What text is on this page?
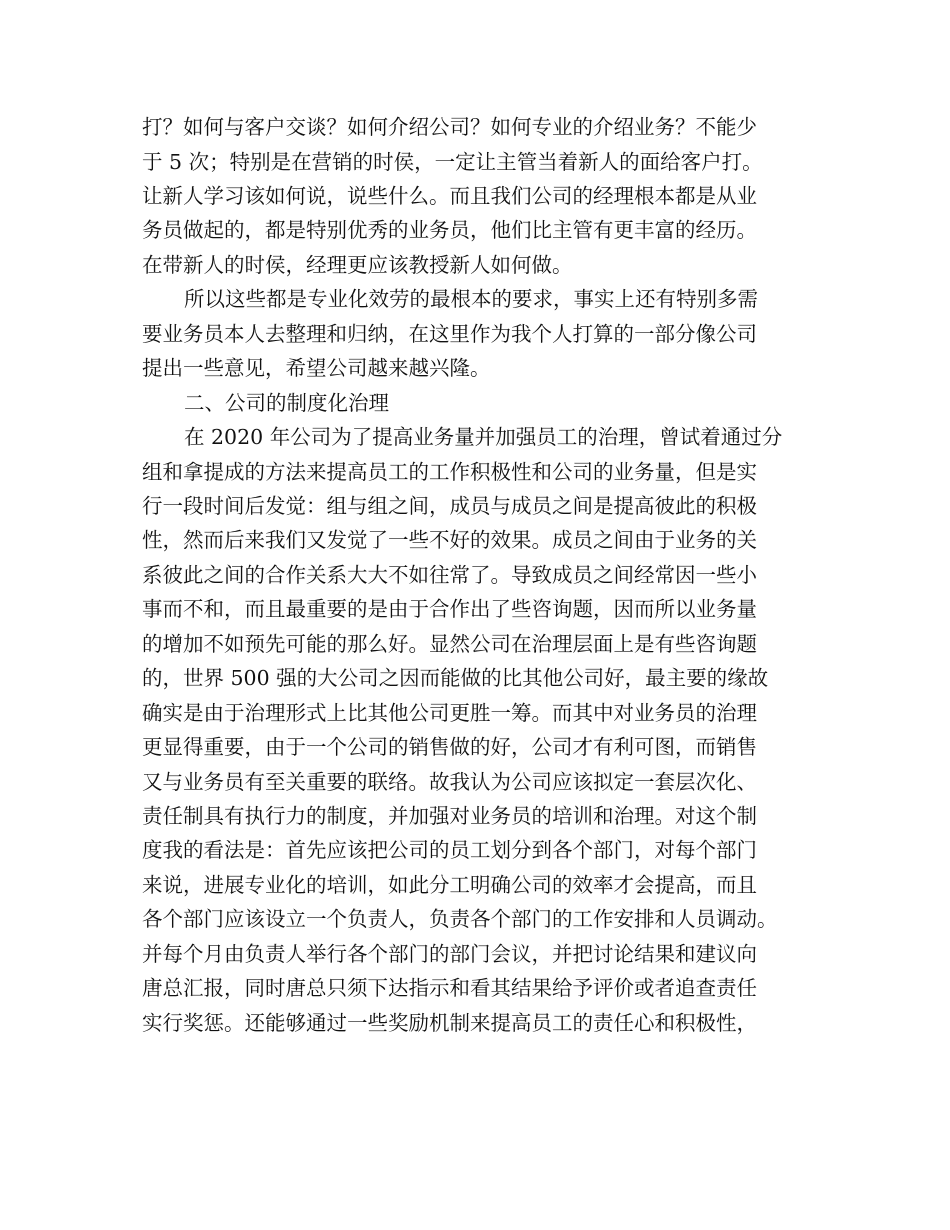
打？如何与客户交谈？如何介绍公司？如何专业的介绍业务？不能少
于 5 次；特别是在营销的时侯，一定让主管当着新人的面给客户打。
让新人学习该如何说，说些什么。而且我们公司的经理根本都是从业
务员做起的，都是特别优秀的业务员，他们比主管有更丰富的经历。
在带新人的时侯，经理更应该教授新人如何做。
所以这些都是专业化效劳的最根本的要求，事实上还有特别多需
要业务员本人去整理和归纳，在这里作为我个人打算的一部分像公司
提出一些意见，希望公司越来越兴隆。
二、公司的制度化治理
在 2020 年公司为了提高业务量并加强员工的治理，曾试着通过分
组和拿提成的方法来提高员工的工作积极性和公司的业务量，但是实
行一段时间后发觉：组与组之间，成员与成员之间是提高彼此的积极
性，然而后来我们又发觉了一些不好的效果。成员之间由于业务的关
系彼此之间的合作关系大大不如往常了。导致成员之间经常因一些小
事而不和，而且最重要的是由于合作出了些咨询题，因而所以业务量
的增加不如预先可能的那么好。显然公司在治理层面上是有些咨询题
的，世界 500 强的大公司之因而能做的比其他公司好，最主要的缘故
确实是由于治理形式上比其他公司更胜一筹。而其中对业务员的治理
更显得重要，由于一个公司的销售做的好，公司才有利可图，而销售
又与业务员有至关重要的联络。故我认为公司应该拟定一套层次化、
责任制具有执行力的制度，并加强对业务员的培训和治理。对这个制
度我的看法是：首先应该把公司的员工划分到各个部门，对每个部门
来说，进展专业化的培训，如此分工明确公司的效率才会提高，而且
各个部门应该设立一个负责人，负责各个部门的工作安排和人员调动。
并每个月由负责人举行各个部门的部门会议，并把讨论结果和建议向
唐总汇报，同时唐总只须下达指示和看其结果给予评价或者追查责任
实行奖惩。还能够通过一些奖励机制来提高员工的责任心和积极性，
